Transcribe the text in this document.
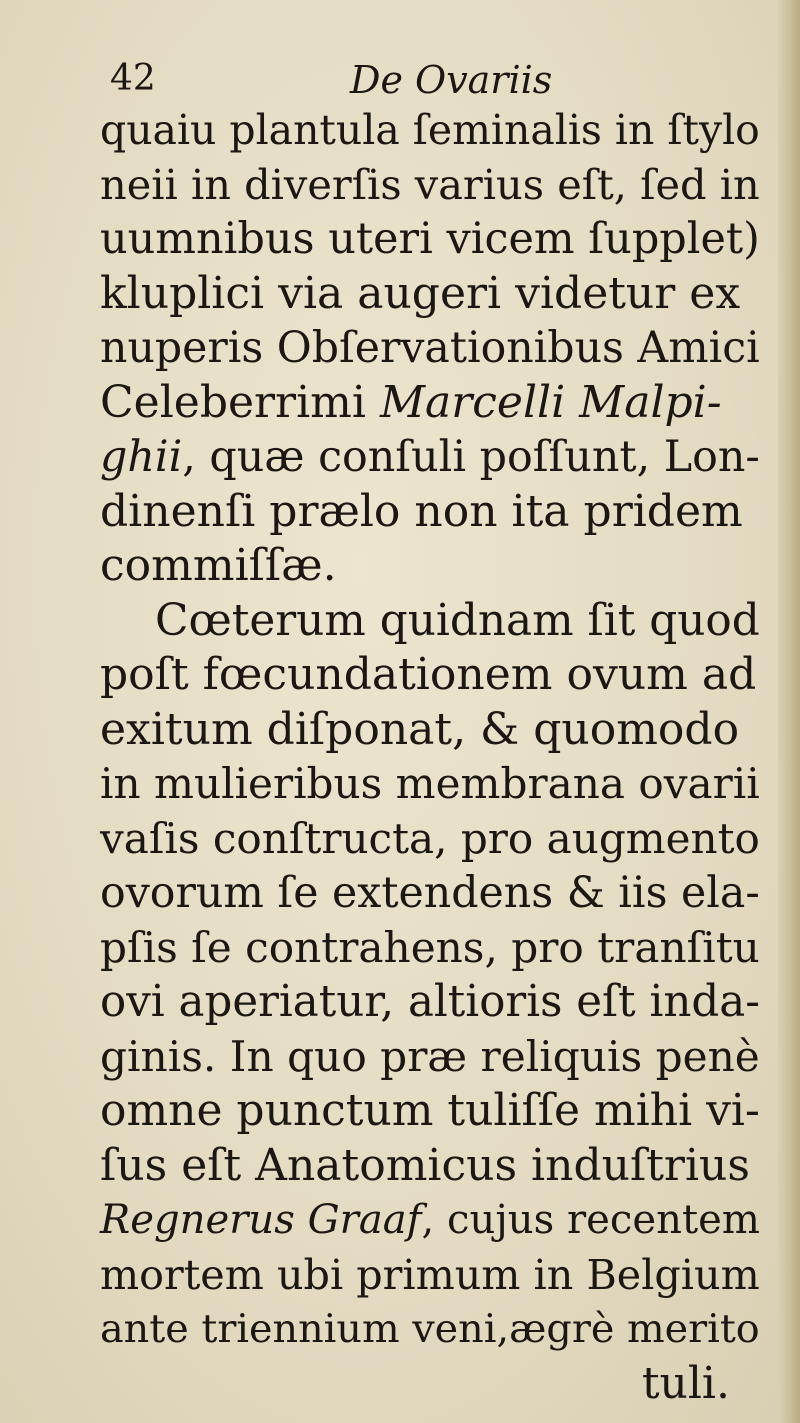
42	De Ovariis
quaiu plantula ſeminalis in ſtylo
neii in diverſis varius eſt, ſed in
uumnibus uteri vicem ſupplet)
kluplici via augeri videtur ex
nuperis Obſervationibus Amici
Celeberrimi Marcelli Malpi-
ghii, quæ conſuli poſſunt, Lon-
dinenſi prælo non ita pridem
commiſſæ.
Cœterum quidnam ſit quod
poſt fœcundationem ovum ad
exitum diſponat, & quomodo
in mulieribus membrana ovarii
vaſis conſtructa, pro augmento
ovorum ſe extendens & iis ela-
pſis ſe contrahens, pro tranſitu
ovi aperiatur, altioris eſt inda-
ginis. In quo præ reliquis penè
omne punctum tuliſſe mihi vi-
ſus eſt Anatomicus induſtrius
Regnerus Graaf, cujus recentem
mortem ubi primum in Belgium
ante triennium veni,ægrè merito
tuli.
